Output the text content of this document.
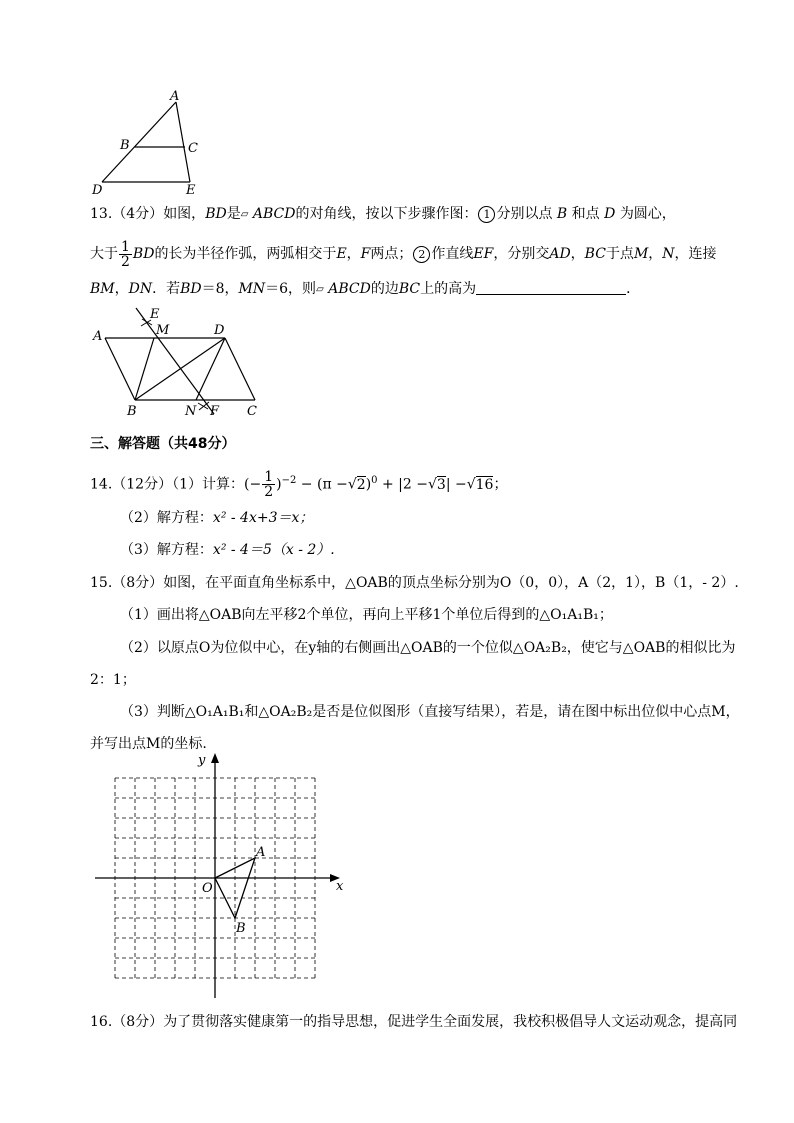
A
B	C
D	E
13.（4分）如图，BD是▱ ABCD的对角线，按以下步骤作图： 1 分别以点 B 和点 D 为圆心，
大于 $\frac{1}{2}$ BD的长为半径作弧，两弧相交于E，F两点； 2 作直线EF，分别交AD，BC于点M，N，连接
BM，DN．若BD＝8，MN＝6，则▱ ABCD的边BC上的高为	．
A
E
M	D
B	N F C
三、解答题（共48分）
14.（12分）（1）计算：(− $\frac{1}{2} )^{-2} - (\pi -√2)^0 + |2 -√3| -√16$；
（2）解方程：x² - 4x+3＝x；
（3）解方程：x² - 4＝5（x - 2）.
15.（8分）如图，在平面直角坐标系中，△OAB的顶点坐标分别为O（0，0），A（2，1），B（1，- 2）.
（1）画出将△OAB向左平移2个单位，再向上平移1个单位后得到的△O₁A₁B₁；
（2）以原点O为位似中心，在y轴的右侧画出△OAB的一个位似△OA₂B₂，使它与△OAB的相似比为
2：1；
（3）判断△O₁A₁B₁和△OA₂B₂是否是位似图形（直接写结果），若是，请在图中标出位似中心点M，
并写出点M的坐标.
y
x
O
A
B
16.（8分）为了贯彻落实健康第一的指导思想，促进学生全面发展，我校积极倡导人文运动观念，提高同
